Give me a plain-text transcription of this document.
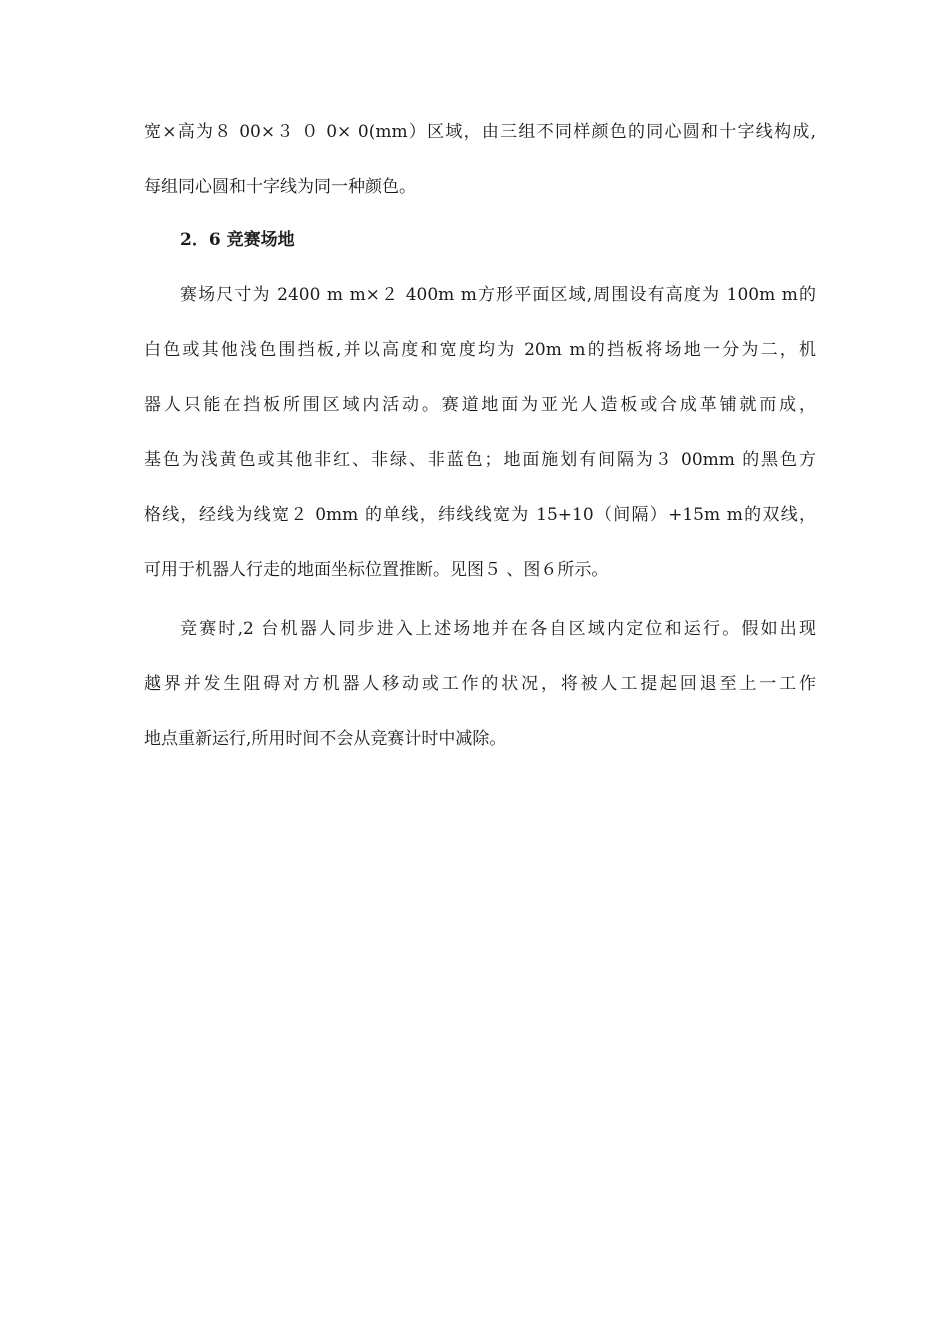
宽×高为８ 00×３ ０ 0× 0(mm）区域，由三组不同样颜色的同心圆和十字线构成,
每组同心圆和十字线为同一种颜色。
2．6 竞赛场地
赛场尺寸为 2400 m m×２ 400m m方形平面区域,周围设有高度为 100m m的
白色或其他浅色围挡板,并以高度和宽度均为 20m m的挡板将场地一分为二，机
器人只能在挡板所围区域内活动。赛道地面为亚光人造板或合成革铺就而成，
基色为浅黄色或其他非红、非绿、非蓝色；地面施划有间隔为３ 00mm 的黑色方
格线，经线为线宽２ 0mm 的单线，纬线线宽为 15+10（间隔）+15m m的双线，
可用于机器人行走的地面坐标位置推断。见图５ 、图６所示。
竞赛时,2 台机器人同步进入上述场地并在各自区域内定位和运行。假如出现
越界并发生阻碍对方机器人移动或工作的状况，将被人工提起回退至上一工作
地点重新运行,所用时间不会从竞赛计时中减除。
